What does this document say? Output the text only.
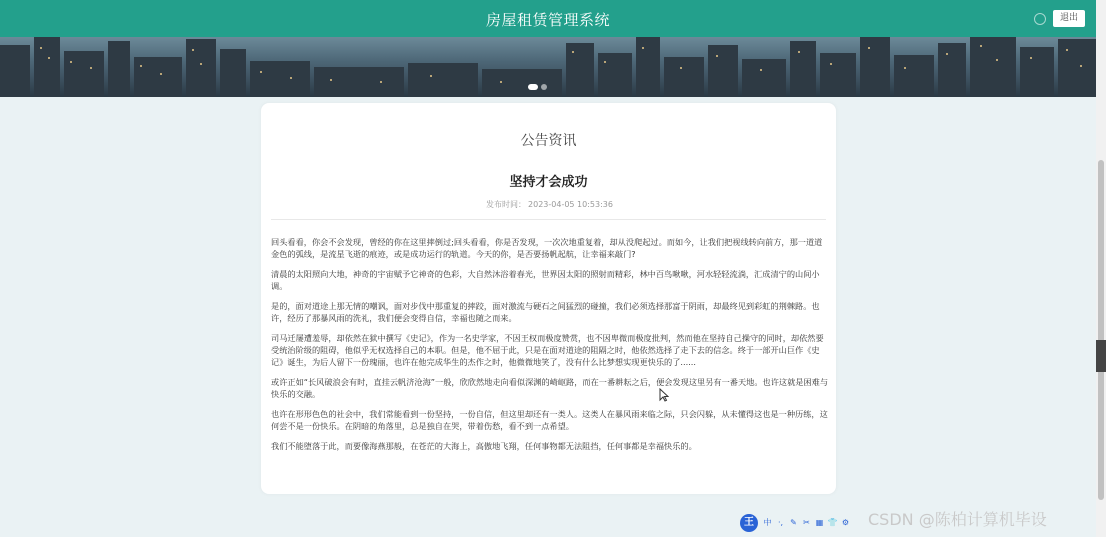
房屋租赁管理系统	退出
公告资讯
坚持才会成功
发布时间： 2023-04-05 10:53:36

回头看看，你会不会发现，曾经的你在这里摔倒过;回头看看，你是否发现，一次次地重复着，却从没爬起过。而如今，让我们把视线转向前方，那一道道金色的弧线，是流星飞逝的痕迹，或是成功运行的轨道。今天的你，是否要扬帆起航，让幸福来敲门?

清晨的太阳照向大地，神奇的宇宙赋予它神奇的色彩，大自然沐浴着春光，世界因太阳的照射而精彩，林中百鸟啾啾，河水轻轻流淌，汇成清宁的山间小调。

是的，面对道途上那无情的嘲讽，面对步伐中那重复的摔跤，面对激流与硬石之间猛烈的碰撞，我们必须选择那富于阴雨，却最终见到彩虹的荆棘路。也许，经历了那暴风雨的洗礼，我们便会变得自信，幸福也随之而来。

司马迁屡遭羞辱，却依然在狱中撰写《史记》，作为一名史学家，不因王权而极度赞赏，也不因卑微而极度批判，然而他在坚持自己操守的同时，却依然要受统治阶级的阻碍，他似乎无权选择自己的本职。但是，他不屈于此，只是在面对道途的阻隔之时，他依然选择了走下去的信念。终于一部开山巨作《史记》诞生，为后人留下一份瑰丽，也许在他完成华生的杰作之时，他微微地笑了，没有什么比梦想实现更快乐的了......

或许正如“长风破浪会有时，直挂云帆济沧海”一般，欣欣然地走向看似深渊的崎岖路，而在一番耕耘之后，便会发现这里另有一番天地。也许这就是困难与快乐的交融。

也许在形形色色的社会中，我们常能看到一份坚持，一份自信，但这里却还有一类人。这类人在暴风雨来临之际，只会闪躲，从未懂得这也是一种历练，这何尝不是一份快乐。在阴暗的角落里，总是独自在哭，带着伤愁，看不到一点希望。

我们不能堕落于此，而要像海燕那般，在苍茫的大海上，高傲地飞翔，任何事物都无法阻挡，任何事都是幸福快乐的。

王	中 ·, ✎ ✂ ▦ 👕 ⚙ CSDN @陈柏计算机毕设
